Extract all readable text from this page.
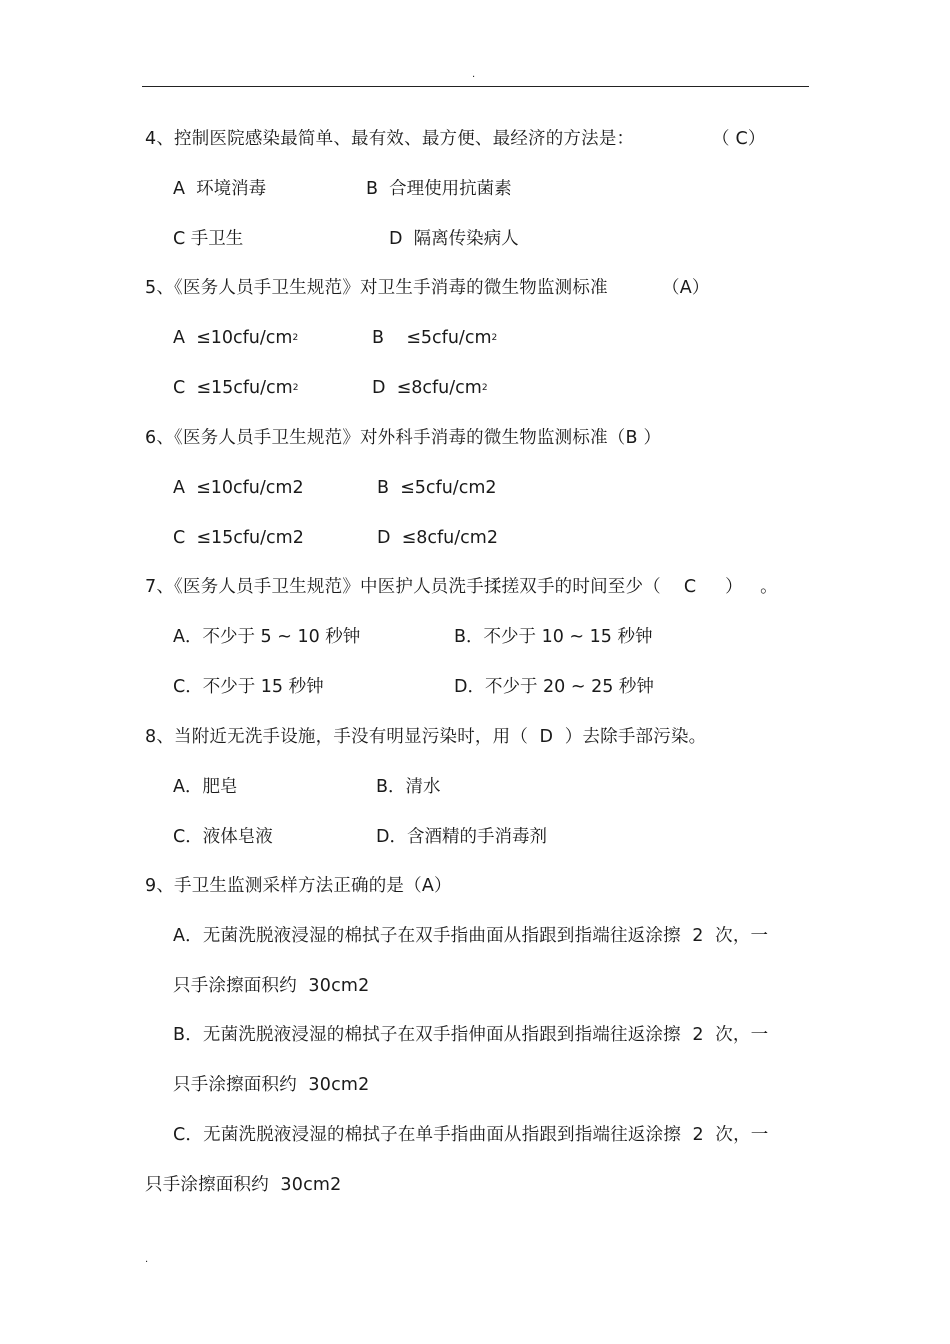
.
4、控制医院感染最简单、最有效、最方便、最经济的方法是：	（ C）
A  环境消毒	B  合理使用抗菌素
C 手卫生	D  隔离传染病人
5、《医务人员手卫生规范》对卫生手消毒的微生物监测标准	（A）
$A \le 10cfu/cm^2$	B    $\le 5cfu/cm^2$
$C \le 15cfu/cm^2$	$D \le 8cfu/cm^2$
6、《医务人员手卫生规范》对外科手消毒的微生物监测标准（B ）
A  ≤10cfu/cm2	B  ≤5cfu/cm2
C  ≤15cfu/cm2	D  ≤8cfu/cm2
7、《医务人员手卫生规范》中医护人员洗手揉搓双手的时间至少（    C     ）   。
A．不少于 5 ~ 10 秒钟	B．不少于 10 ~ 15 秒钟
C．不少于 15 秒钟	D．不少于 20 ~ 25 秒钟
8、当附近无洗手设施，手没有明显污染时，用（  D  ）去除手部污染。
A．肥皂	B．清水
C．液体皂液	D．含酒精的手消毒剂
9、手卫生监测采样方法正确的是（A）
A．无菌洗脱液浸湿的棉拭子在双手指曲面从指跟到指端往返涂擦  2  次，一
只手涂擦面积约  30cm2
B．无菌洗脱液浸湿的棉拭子在双手指伸面从指跟到指端往返涂擦  2  次，一
只手涂擦面积约  30cm2
C．无菌洗脱液浸湿的棉拭子在单手指曲面从指跟到指端往返涂擦  2  次，一
只手涂擦面积约  30cm2
.
